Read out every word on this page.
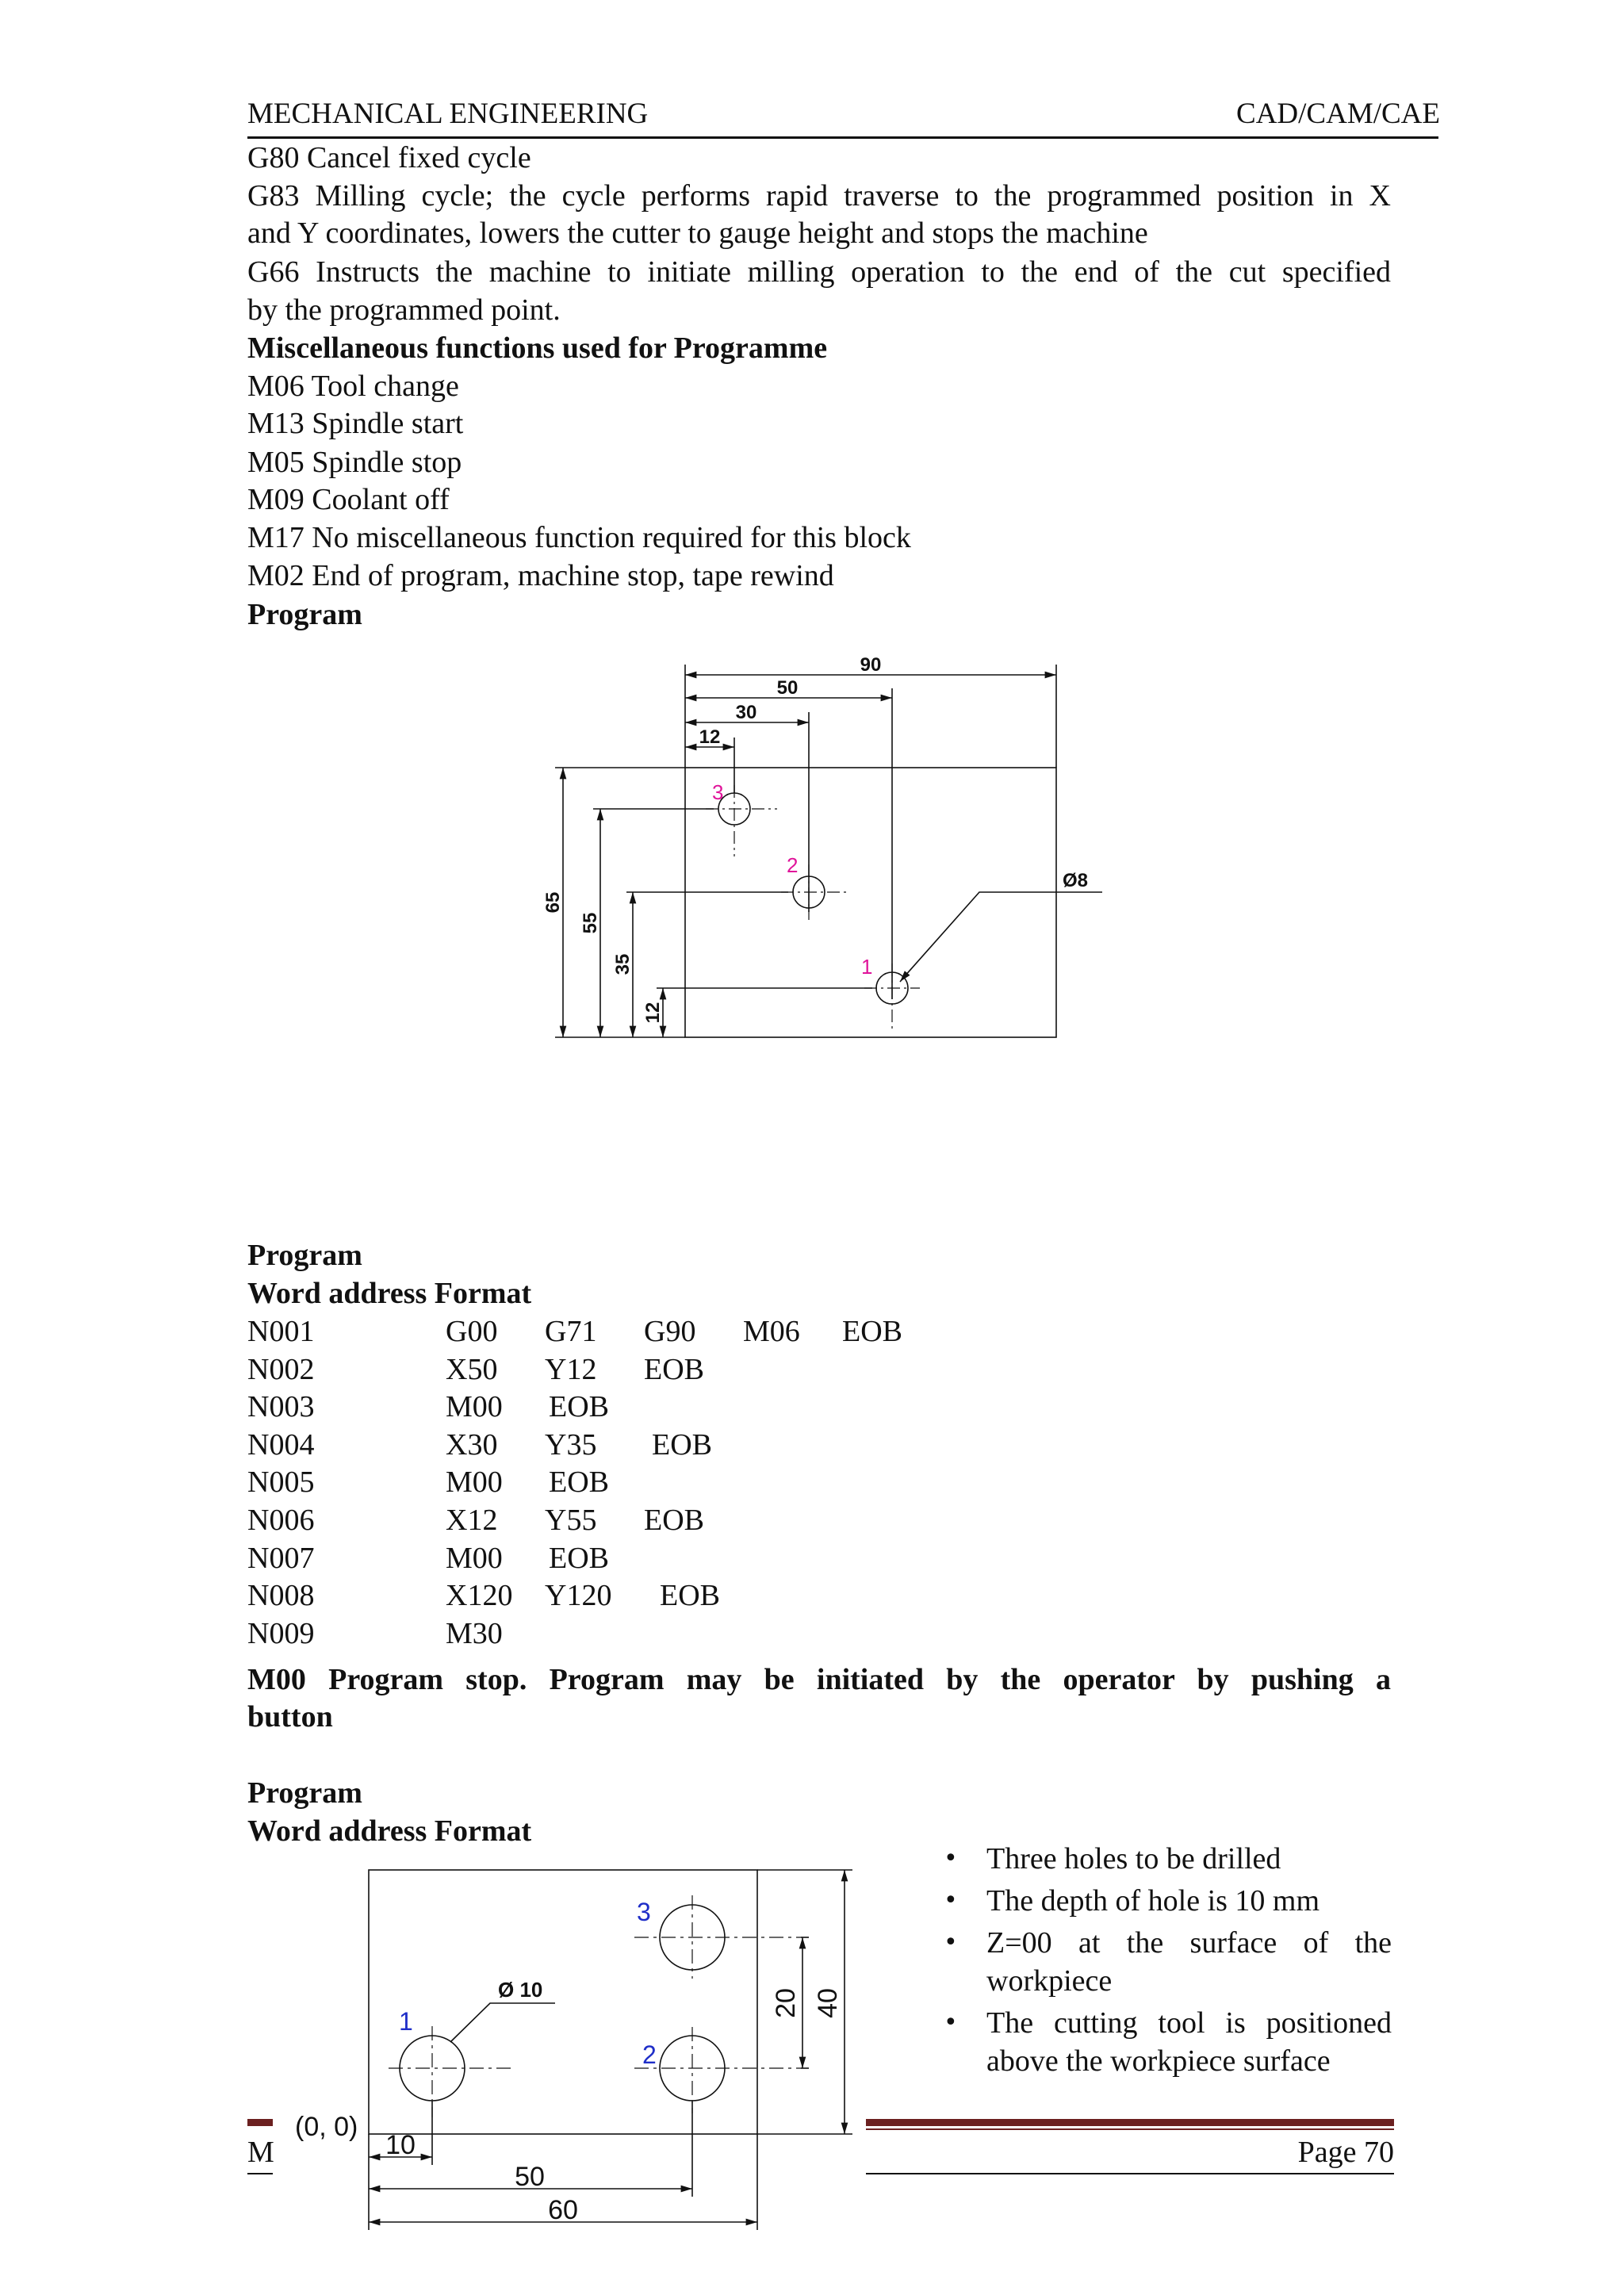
MECHANICAL ENGINEERING	CAD/CAM/CAE
G80 Cancel fixed cycle
G83 Milling cycle; the cycle performs rapid traverse to the programmed position in X
and Y coordinates, lowers the cutter to gauge height and stops the machine
G66 Instructs the machine to initiate milling operation to the end of the cut specified
by the programmed point.
Miscellaneous functions used for Programme
M06 Tool change
M13 Spindle start
M05 Spindle stop
M09 Coolant off
M17 No miscellaneous function required for this block
M02 End of program, machine stop, tape rewind
Program
90
50
30
12
65
55
35
12
Ø8
3
2
1
Program
Word address Format
N001	G00 G71 G90 M06 EOB
N002	X50 Y12 EOB
N003	M00 EOB
N004	X30 Y35 EOB
N005	M00 EOB
N006	X12 Y55 EOB
N007	M00 EOB
N008	X120 Y120 EOB
N009	M30
M00 Program stop. Program may be initiated by the operator by pushing a
button
Program
Word address Format
(0, 0)
10
50
60
20 40
Ø 10
3
1
2
• Three holes to be drilled
• The depth of hole is 10 mm
• Z=00 at the surface of the workpiece
• The cutting tool is positioned above the workpiece surface
M	Page 70
